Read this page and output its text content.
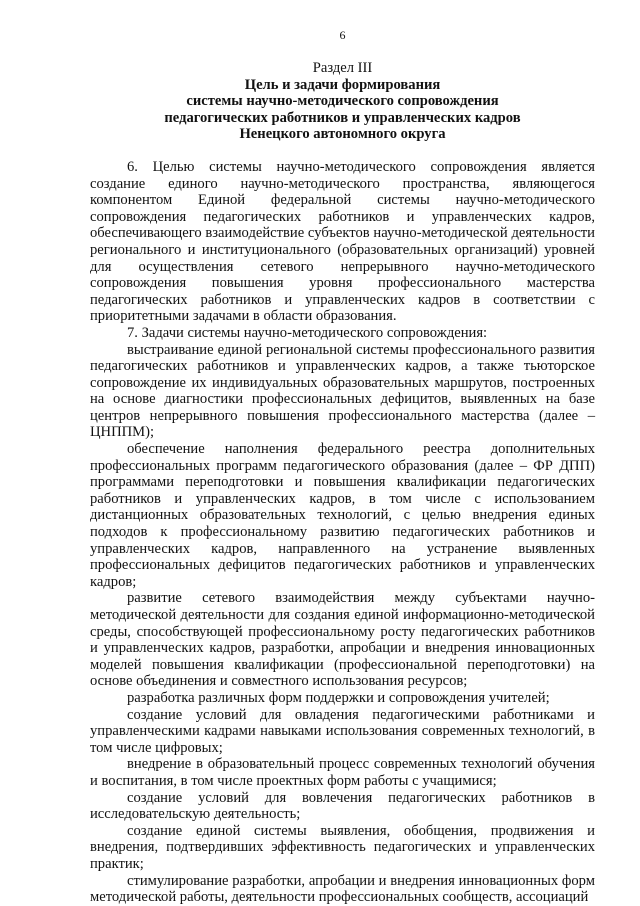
6
Раздел III
Цель и задачи формирования
системы научно-методического сопровождения
педагогических работников и управленческих кадров
Ненецкого автономного округа

6. Целью системы научно-методического сопровождения является создание единого научно-методического пространства, являющегося компонентом Единой федеральной системы научно-методического сопровождения педагогических работников и управленческих кадров, обеспечивающего взаимодействие субъектов научно-методической деятельности регионального и институционального (образовательных организаций) уровней для осуществления сетевого непрерывного научно-методического сопровождения повышения уровня профессионального мастерства педагогических работников и управленческих кадров в соответствии с приоритетными задачами в области образования.

7. Задачи системы научно-методического сопровождения:

выстраивание единой региональной системы профессионального развития педагогических работников и управленческих кадров, а также тьюторское сопровождение их индивидуальных образовательных маршрутов, построенных на основе диагностики профессиональных дефицитов, выявленных на базе центров непрерывного повышения профессионального мастерства (далее – ЦНППМ);

обеспечение наполнения федерального реестра дополнительных профессиональных программ педагогического образования (далее – ФР ДПП) программами переподготовки и повышения квалификации педагогических работников и управленческих кадров, в том числе с использованием дистанционных образовательных технологий, с целью внедрения единых подходов к профессиональному развитию педагогических работников и управленческих кадров, направленного на устранение выявленных профессиональных дефицитов педагогических работников и управленческих кадров;

развитие сетевого взаимодействия между субъектами научно-методической деятельности для создания единой информационно-методической среды, способствующей профессиональному росту педагогических работников и управленческих кадров, разработки, апробации и внедрения инновационных моделей повышения квалификации (профессиональной переподготовки) на основе объединения и совместного использования ресурсов;

разработка различных форм поддержки и сопровождения учителей;

создание условий для овладения педагогическими работниками и управленческими кадрами навыками использования современных технологий, в том числе цифровых;

внедрение в образовательный процесс современных технологий обучения и воспитания, в том числе проектных форм работы с учащимися;

создание условий для вовлечения педагогических работников в исследовательскую деятельность;

создание единой системы выявления, обобщения, продвижения и внедрения, подтвердивших эффективность педагогических и управленческих практик;

стимулирование разработки, апробации и внедрения инновационных форм методической работы, деятельности профессиональных сообществ, ассоциаций
